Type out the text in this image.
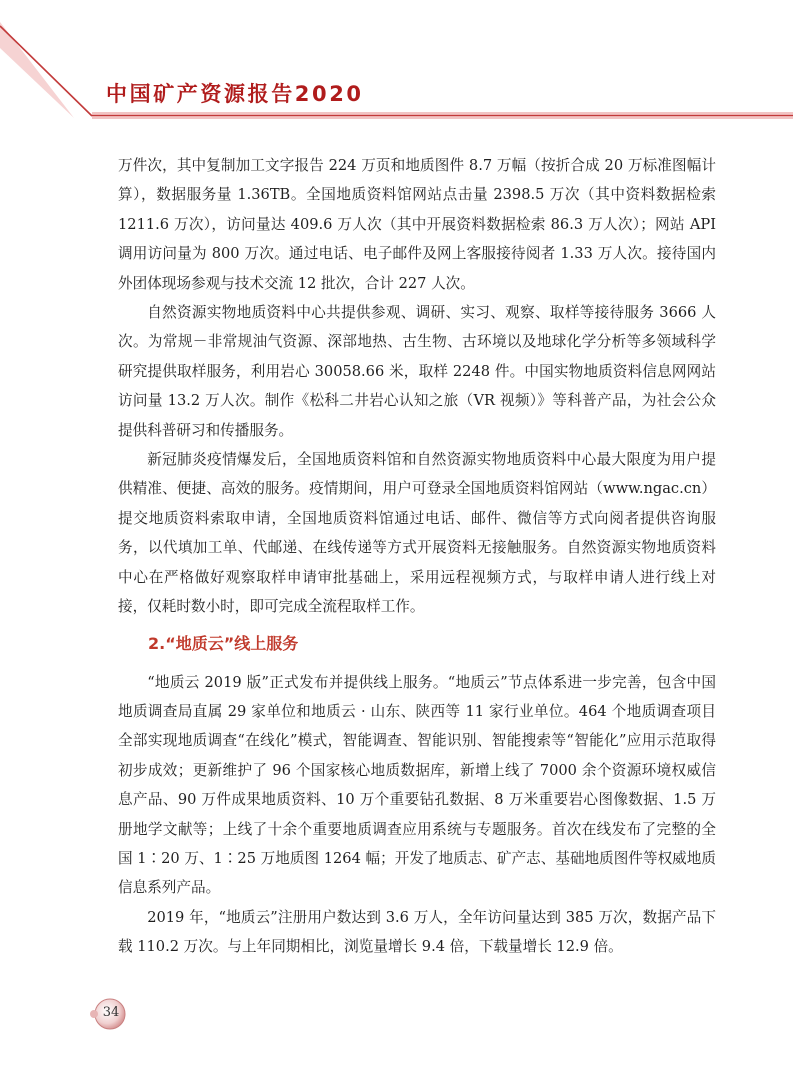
中国矿产资源报告2020

万件次，其中复制加工文字报告 224 万页和地质图件 8.7 万幅（按折合成 20 万标准图幅计算），数据服务量 1.36TB。全国地质资料馆网站点击量 2398.5 万次（其中资料数据检索 1211.6 万次），访问量达 409.6 万人次（其中开展资料数据检索 86.3 万人次）；网站 API 调用访问量为 800 万次。通过电话、电子邮件及网上客服接待阅者 1.33 万人次。接待国内外团体现场参观与技术交流 12 批次，合计 227 人次。

自然资源实物地质资料中心共提供参观、调研、实习、观察、取样等接待服务 3666 人次。为常规－非常规油气资源、深部地热、古生物、古环境以及地球化学分析等多领域科学研究提供取样服务，利用岩心 30058.66 米，取样 2248 件。中国实物地质资料信息网网站访问量 13.2 万人次。制作《松科二井岩心认知之旅（VR 视频）》等科普产品，为社会公众提供科普研习和传播服务。

新冠肺炎疫情爆发后，全国地质资料馆和自然资源实物地质资料中心最大限度为用户提供精准、便捷、高效的服务。疫情期间，用户可登录全国地质资料馆网站（www.ngac.cn）提交地质资料索取申请，全国地质资料馆通过电话、邮件、微信等方式向阅者提供咨询服务，以代填加工单、代邮递、在线传递等方式开展资料无接触服务。自然资源实物地质资料中心在严格做好观察取样申请审批基础上，采用远程视频方式，与取样申请人进行线上对接，仅耗时数小时，即可完成全流程取样工作。

2.“地质云”线上服务

“地质云 2019 版”正式发布并提供线上服务。“地质云”节点体系进一步完善，包含中国地质调查局直属 29 家单位和地质云 · 山东、陕西等 11 家行业单位。464 个地质调查项目全部实现地质调查“在线化”模式，智能调查、智能识别、智能搜索等“智能化”应用示范取得初步成效；更新维护了 96 个国家核心地质数据库，新增上线了 7000 余个资源环境权威信息产品、90 万件成果地质资料、10 万个重要钻孔数据、8 万米重要岩心图像数据、1.5 万册地学文献等；上线了十余个重要地质调查应用系统与专题服务。首次在线发布了完整的全国 1∶20 万、1∶25 万地质图 1264 幅；开发了地质志、矿产志、基础地质图件等权威地质信息系列产品。

2019 年，“地质云”注册用户数达到 3.6 万人，全年访问量达到 385 万次，数据产品下载 110.2 万次。与上年同期相比，浏览量增长 9.4 倍，下载量增长 12.9 倍。

34
